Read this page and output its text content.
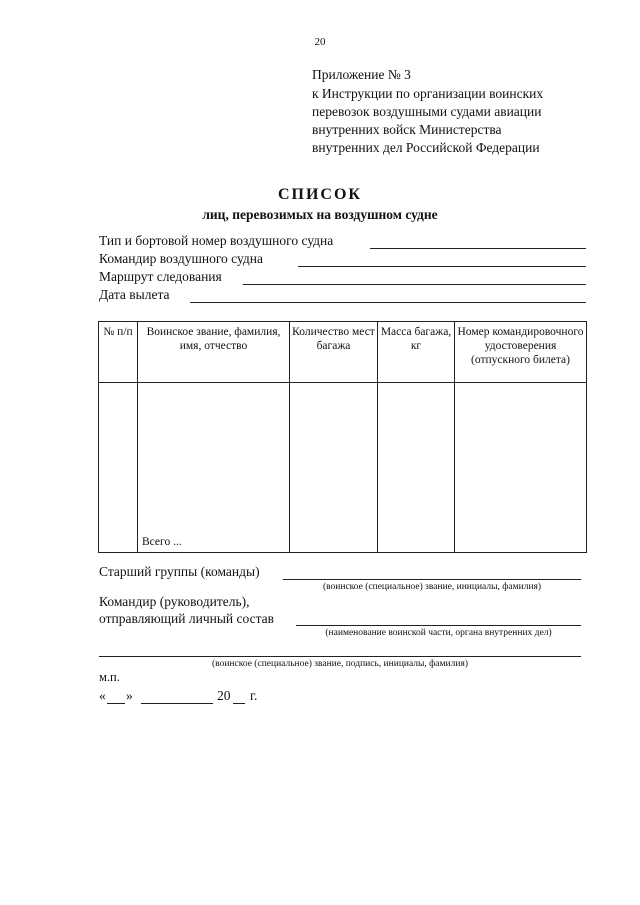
20
Приложение № 3
к Инструкции по организации воинских
перевозок воздушными судами авиации
внутренних войск Министерства
внутренних дел Российской Федерации
СПИСОК
лиц, перевозимых на воздушном судне
Тип и бортовой номер воздушного судна
Командир воздушного судна
Маршрут следования
Дата вылета
№ п/п	Воинское звание, фамилия, имя, отчество	Количество мест багажа	Масса багажа, кг	Номер командировочного удостоверения (отпускного билета)
	Всего ...			
Старший группы (команды)
(воинское (специальное) звание, инициалы, фамилия)
Командир (руководитель),
отправляющий личный состав
(наименование воинской части, органа внутренних дел)
(воинское (специальное) звание, подпись, инициалы, фамилия)
м.п.
« »	20 г.
